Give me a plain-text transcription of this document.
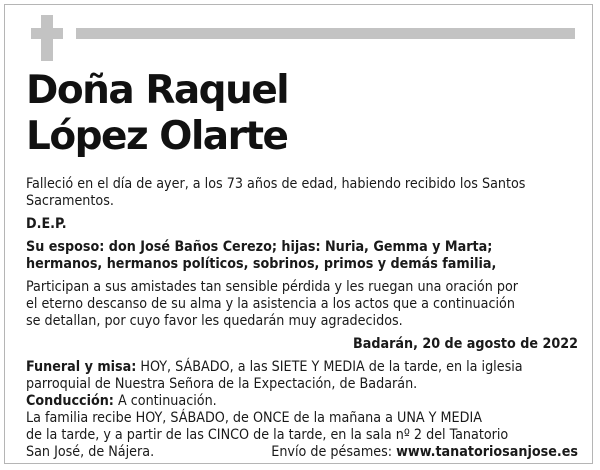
Doña Raquel
López Olarte

Falleció en el día de ayer, a los 73 años de edad, habiendo recibido los Santos
Sacramentos.

D.E.P.

Su esposo: don José Baños Cerezo; hijas: Nuria, Gemma y Marta;
hermanos, hermanos políticos, sobrinos, primos y demás familia,

Participan a sus amistades tan sensible pérdida y les ruegan una oración por
el eterno descanso de su alma y la asistencia a los actos que a continuación
se detallan, por cuyo favor les quedarán muy agradecidos.

Badarán, 20 de agosto de 2022

Funeral y misa: HOY, SÁBADO, a las SIETE Y MEDIA de la tarde, en la iglesia
parroquial de Nuestra Señora de la Expectación, de Badarán.

Conducción: A continuación.

La familia recibe HOY, SÁBADO, de ONCE de la mañana a UNA Y MEDIA
de la tarde, y a partir de las CINCO de la tarde, en la sala nº 2 del Tanatorio

San José, de Nájera.	Envío de pésames: www.tanatoriosanjose.es
